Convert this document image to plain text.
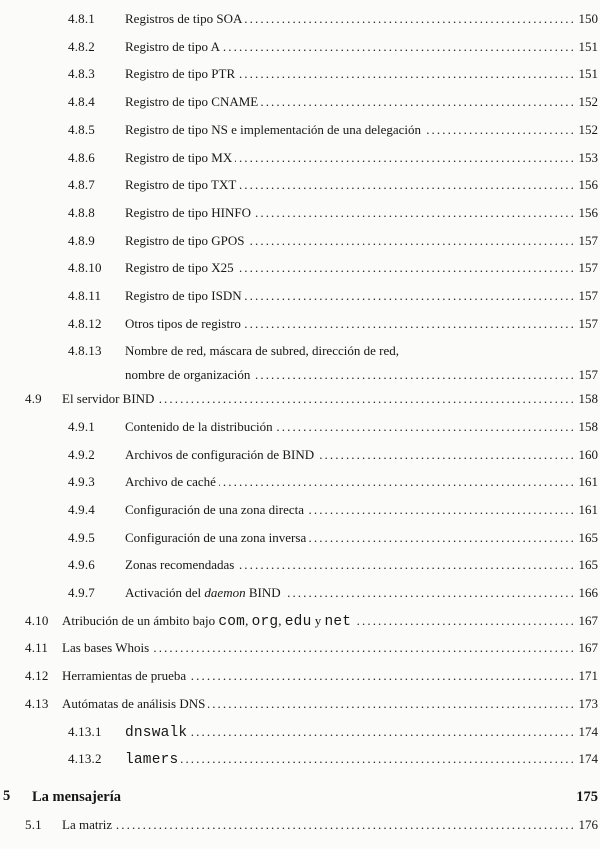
4.8.1	Registros de tipo SOA .....	150
4.8.2	Registro de tipo A .....	151
4.8.3	Registro de tipo PTR .....	151
4.8.4	Registro de tipo CNAME .....	152
4.8.5	Registro de tipo NS e implementación de una delegación .....	152
4.8.6	Registro de tipo MX .....	153
4.8.7	Registro de tipo TXT .....	156
4.8.8	Registro de tipo HINFO .....	156
4.8.9	Registro de tipo GPOS .....	157
4.8.10	Registro de tipo X25 .....	157
4.8.11	Registro de tipo ISDN .....	157
4.8.12	Otros tipos de registro .....	157
4.8.13	Nombre de red, máscara de subred, dirección de red,
nombre de organización .....	157
4.9	El servidor BIND .....	158
4.9.1	Contenido de la distribución .....	158
4.9.2	Archivos de configuración de BIND .....	160
4.9.3	Archivo de caché .....	161
4.9.4	Configuración de una zona directa .....	161
4.9.5	Configuración de una zona inversa .....	165
4.9.6	Zonas recomendadas .....	165
4.9.7	Activación del daemon BIND .....	166
4.10	Atribución de un ámbito bajo com, org, edu y net .....	167
4.11	Las bases Whois .....	167
4.12	Herramientas de prueba .....	171
4.13	Autómatas de análisis DNS .....	173
4.13.1	dnswalk .....	174
4.13.2	lamers .....	174
5	La mensajería	175
5.1	La matriz .....	176
